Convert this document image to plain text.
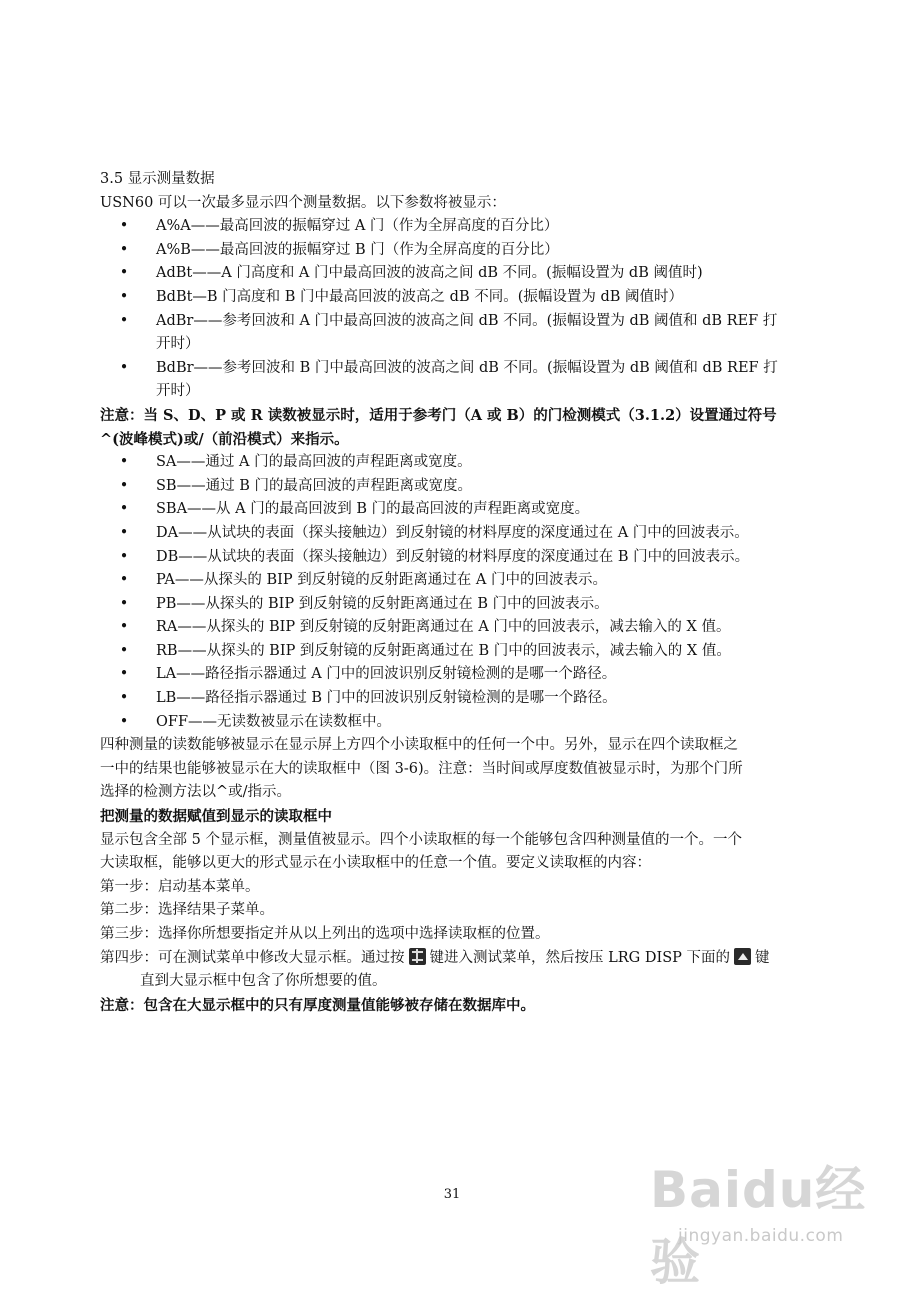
3.5 显示测量数据
USN60 可以一次最多显示四个测量数据。以下参数将被显示：
• A%A——最高回波的振幅穿过 A 门（作为全屏高度的百分比）
• A%B——最高回波的振幅穿过 B 门（作为全屏高度的百分比）
• AdBt——A 门高度和 A 门中最高回波的波高之间 dB 不同。(振幅设置为 dB 阈值时)
• BdBt—B 门高度和 B 门中最高回波的波高之 dB 不同。(振幅设置为 dB 阈值时）
• AdBr——参考回波和 A 门中最高回波的波高之间 dB 不同。(振幅设置为 dB 阈值和 dB REF 打
开时）
• BdBr——参考回波和 B 门中最高回波的波高之间 dB 不同。(振幅设置为 dB 阈值和 dB REF 打
开时）
注意：当 S、D、P 或 R 读数被显示时，适用于参考门（A 或 B）的门检测模式（3.1.2）设置通过符号
^(波峰模式)或/（前沿模式）来指示。
• SA——通过 A 门的最高回波的声程距离或宽度。
• SB——通过 B 门的最高回波的声程距离或宽度。
• SBA——从 A 门的最高回波到 B 门的最高回波的声程距离或宽度。
• DA——从试块的表面（探头接触边）到反射镜的材料厚度的深度通过在 A 门中的回波表示。
• DB——从试块的表面（探头接触边）到反射镜的材料厚度的深度通过在 B 门中的回波表示。
• PA——从探头的 BIP 到反射镜的反射距离通过在 A 门中的回波表示。
• PB——从探头的 BIP 到反射镜的反射距离通过在 B 门中的回波表示。
• RA——从探头的 BIP 到反射镜的反射距离通过在 A 门中的回波表示，减去输入的 X 值。
• RB——从探头的 BIP 到反射镜的反射距离通过在 B 门中的回波表示，减去输入的 X 值。
• LA——路径指示器通过 A 门中的回波识别反射镜检测的是哪一个路径。
• LB——路径指示器通过 B 门中的回波识别反射镜检测的是哪一个路径。
• OFF——无读数被显示在读数框中。
四种测量的读数能够被显示在显示屏上方四个小读取框中的任何一个中。另外，显示在四个读取框之
一中的结果也能够被显示在大的读取框中（图 3-6)。注意：当时间或厚度数值被显示时，为那个门所
选择的检测方法以^或/指示。
把测量的数据赋值到显示的读取框中
显示包含全部 5 个显示框，测量值被显示。四个小读取框的每一个能够包含四种测量值的一个。一个
大读取框，能够以更大的形式显示在小读取框中的任意一个值。要定义读取框的内容：
第一步：启动基本菜单。
第二步：选择结果子菜单。
第三步：选择你所想要指定并从以上列出的选项中选择读取框的位置。
第四步：可在测试菜单中修改大显示框。通过按 键进入测试菜单，然后按压 LRG DISP 下面的 键
直到大显示框中包含了你所想要的值。
注意：包含在大显示框中的只有厚度测量值能够被存储在数据库中。
31	Baidu经验
jingyan.baidu.com
